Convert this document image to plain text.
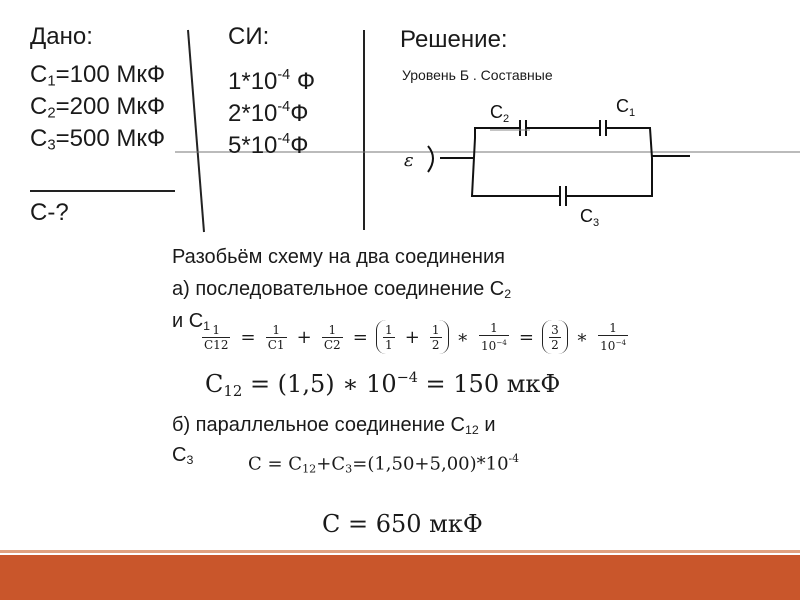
Дано:
$C_1=100$ МкФ
$C_2=200$ МкФ
$C_3=500$ МкФ
C-?
СИ:
$1*10^{-4}$ Ф
$2*10^{-4}Ф$
$5*10^{-4}Ф$
Решение:
Уровень Б . Составные
ε
$C_2$
$C_1$
$C_3$
Разобьём схему на два соединения
а) последовательное соединение $С_2$
и $С_1$
$\frac{1}{C12} = \frac{1}{C1} + \frac{1}{C2} = \frac{1}{1} + \frac{1}{2}$ ∗ $\frac{1}{10^{-4}} = \frac{3}{2}$ ∗ $\frac{1}{10^{-4}}$
$C_{12} = (1,5)$ ∗ $10^{-4} = 150$ мкФ
б) параллельное соединение $С_{12}$ и
$С_3$	$C = C_{12}+C_3=(1,50+5,00)*10^{-4}$
C = 650 мкФ
